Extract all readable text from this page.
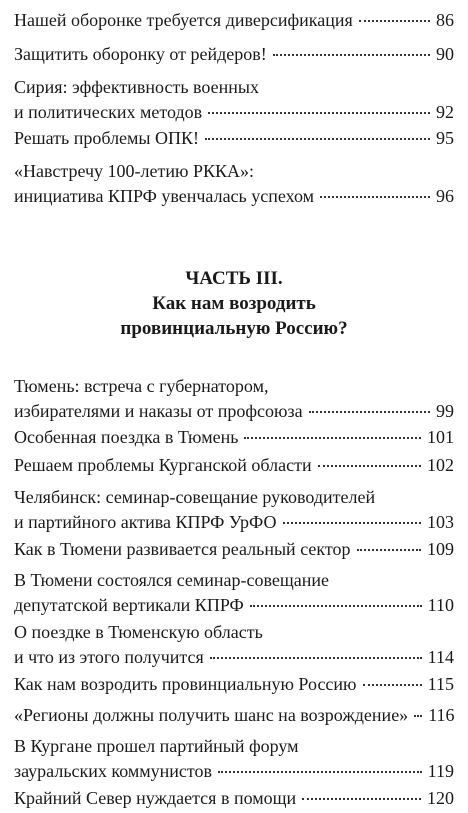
Нашей оборонке требуется диверсификация	86
Защитить оборонку от рейдеров!	90
Сирия: эффективность военных
и политических методов	92
Решать проблемы ОПК!	95
«Навстречу 100-летию РККА»:
инициатива КПРФ увенчалась успехом	96
ЧАСТЬ III.
Как нам возродить
провинциальную Россию?
Тюмень: встреча с губернатором,
избирателями и наказы от профсоюза	99
Особенная поездка в Тюмень	101
Решаем проблемы Курганской области	102
Челябинск: семинар-совещание руководителей
и партийного актива КПРФ УрФО	103
Как в Тюмени развивается реальный сектор	109
В Тюмени состоялся семинар-совещание
депутатской вертикали КПРФ	110
О поездке в Тюменскую область
и что из этого получится	114
Как нам возродить провинциальную Россию	115
«Регионы должны получить шанс на возрождение» 116
В Кургане прошел партийный форум
зауральских коммунистов	119
Крайний Север нуждается в помощи	120
